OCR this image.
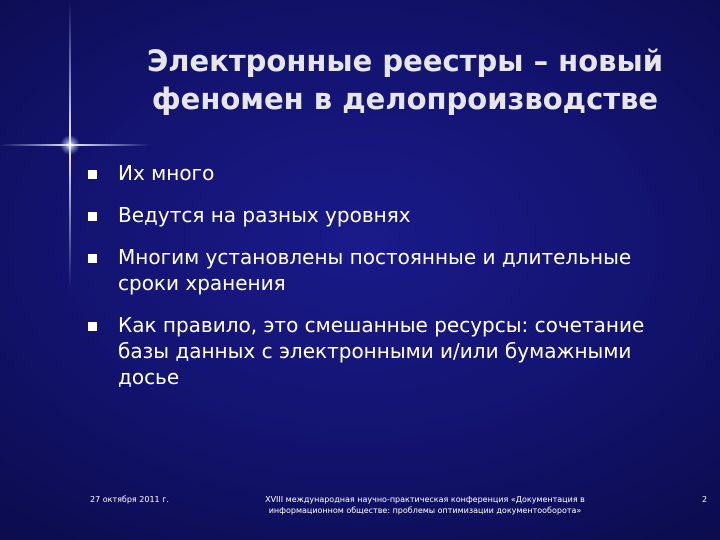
Электронные реестры – новый
феномен в делопроизводстве
Их много
Ведутся на разных уровнях
Многим установлены постоянные и длительные сроки хранения
Как правило, это смешанные ресурсы: сочетание базы данных с электронными и/или бумажными досье
27 октября 2011 г.	XVIII международная научно-практическая конференция «Документация в
информационном обществе: проблемы оптимизации документооборота»
2
